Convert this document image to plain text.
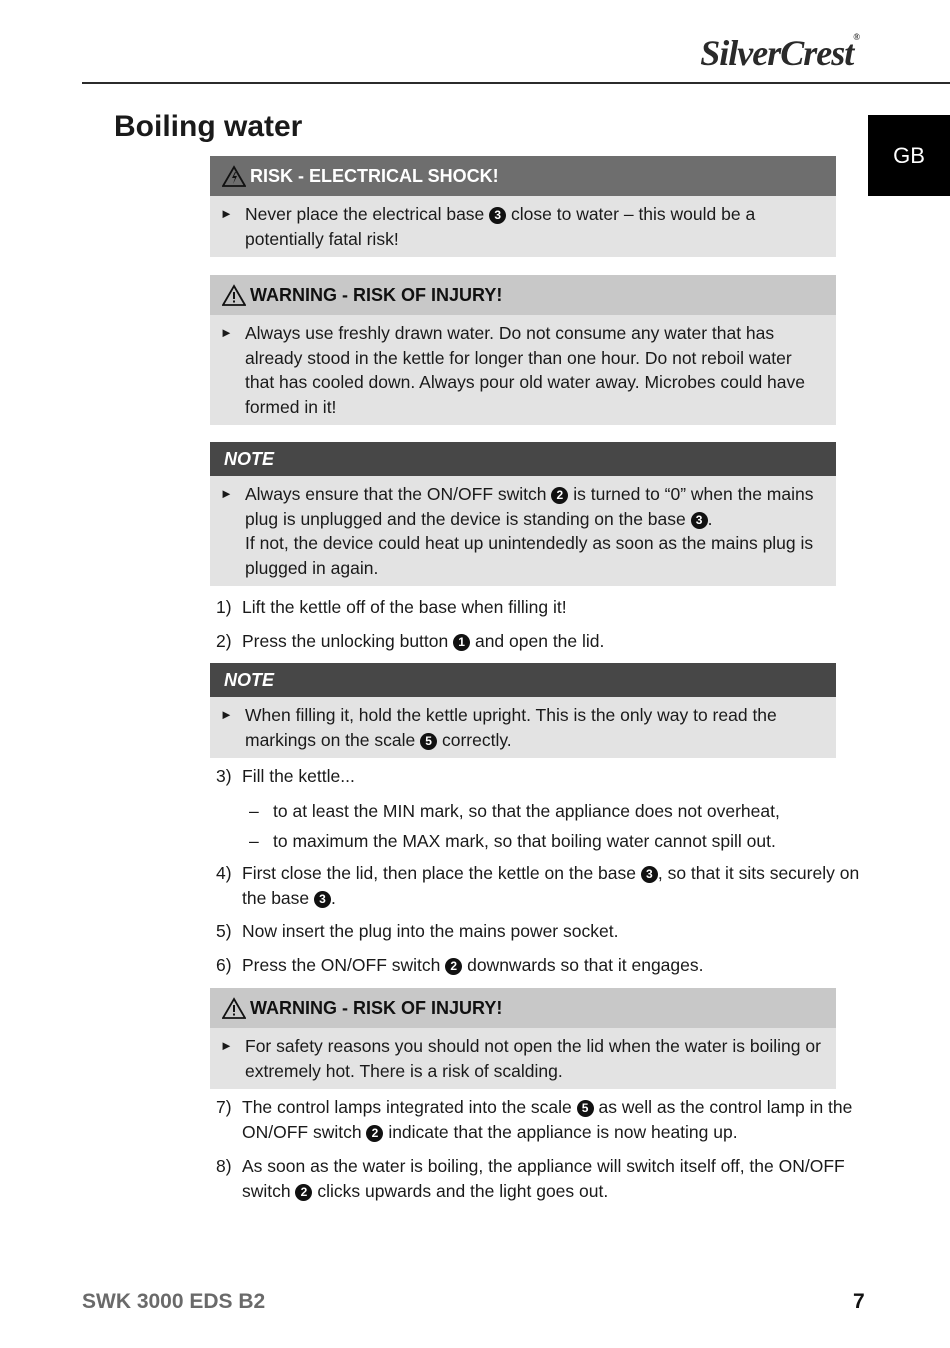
SilverCrest®
GB
Boiling water
RISK - ELECTRICAL SHOCK!
► Never place the electrical base 3 close to water – this would be a potentially fatal risk!
WARNING - RISK OF INJURY!
► Always use freshly drawn water. Do not consume any water that has already stood in the kettle for longer than one hour. Do not reboil water that has cooled down. Always pour old water away. Microbes could have formed in it!
NOTE
► Always ensure that the ON/OFF switch 2 is turned to “0” when the mains plug is unplugged and the device is standing on the base 3 .
If not, the device could heat up unintendedly as soon as the mains plug is plugged in again.
1) Lift the kettle off of the base when filling it!
2) Press the unlocking button 1 and open the lid.
NOTE
► When filling it, hold the kettle upright. This is the only way to read the markings on the scale 5 correctly.
3) Fill the kettle...
– to at least the MIN mark, so that the appliance does not overheat,
– to maximum the MAX mark, so that boiling water cannot spill out.
4) First close the lid, then place the kettle on the base 3 , so that it sits securely on the base 3 .
5) Now insert the plug into the mains power socket.
6) Press the ON/OFF switch 2 downwards so that it engages.
WARNING - RISK OF INJURY!
► For safety reasons you should not open the lid when the water is boiling or extremely hot. There is a risk of scalding.
7) The control lamps integrated into the scale 5 as well as the control lamp in the ON/OFF switch 2 indicate that the appliance is now heating up.
8) As soon as the water is boiling, the appliance will switch itself off, the ON/OFF switch 2 clicks upwards and the light goes out.
SWK 3000 EDS B2	7
